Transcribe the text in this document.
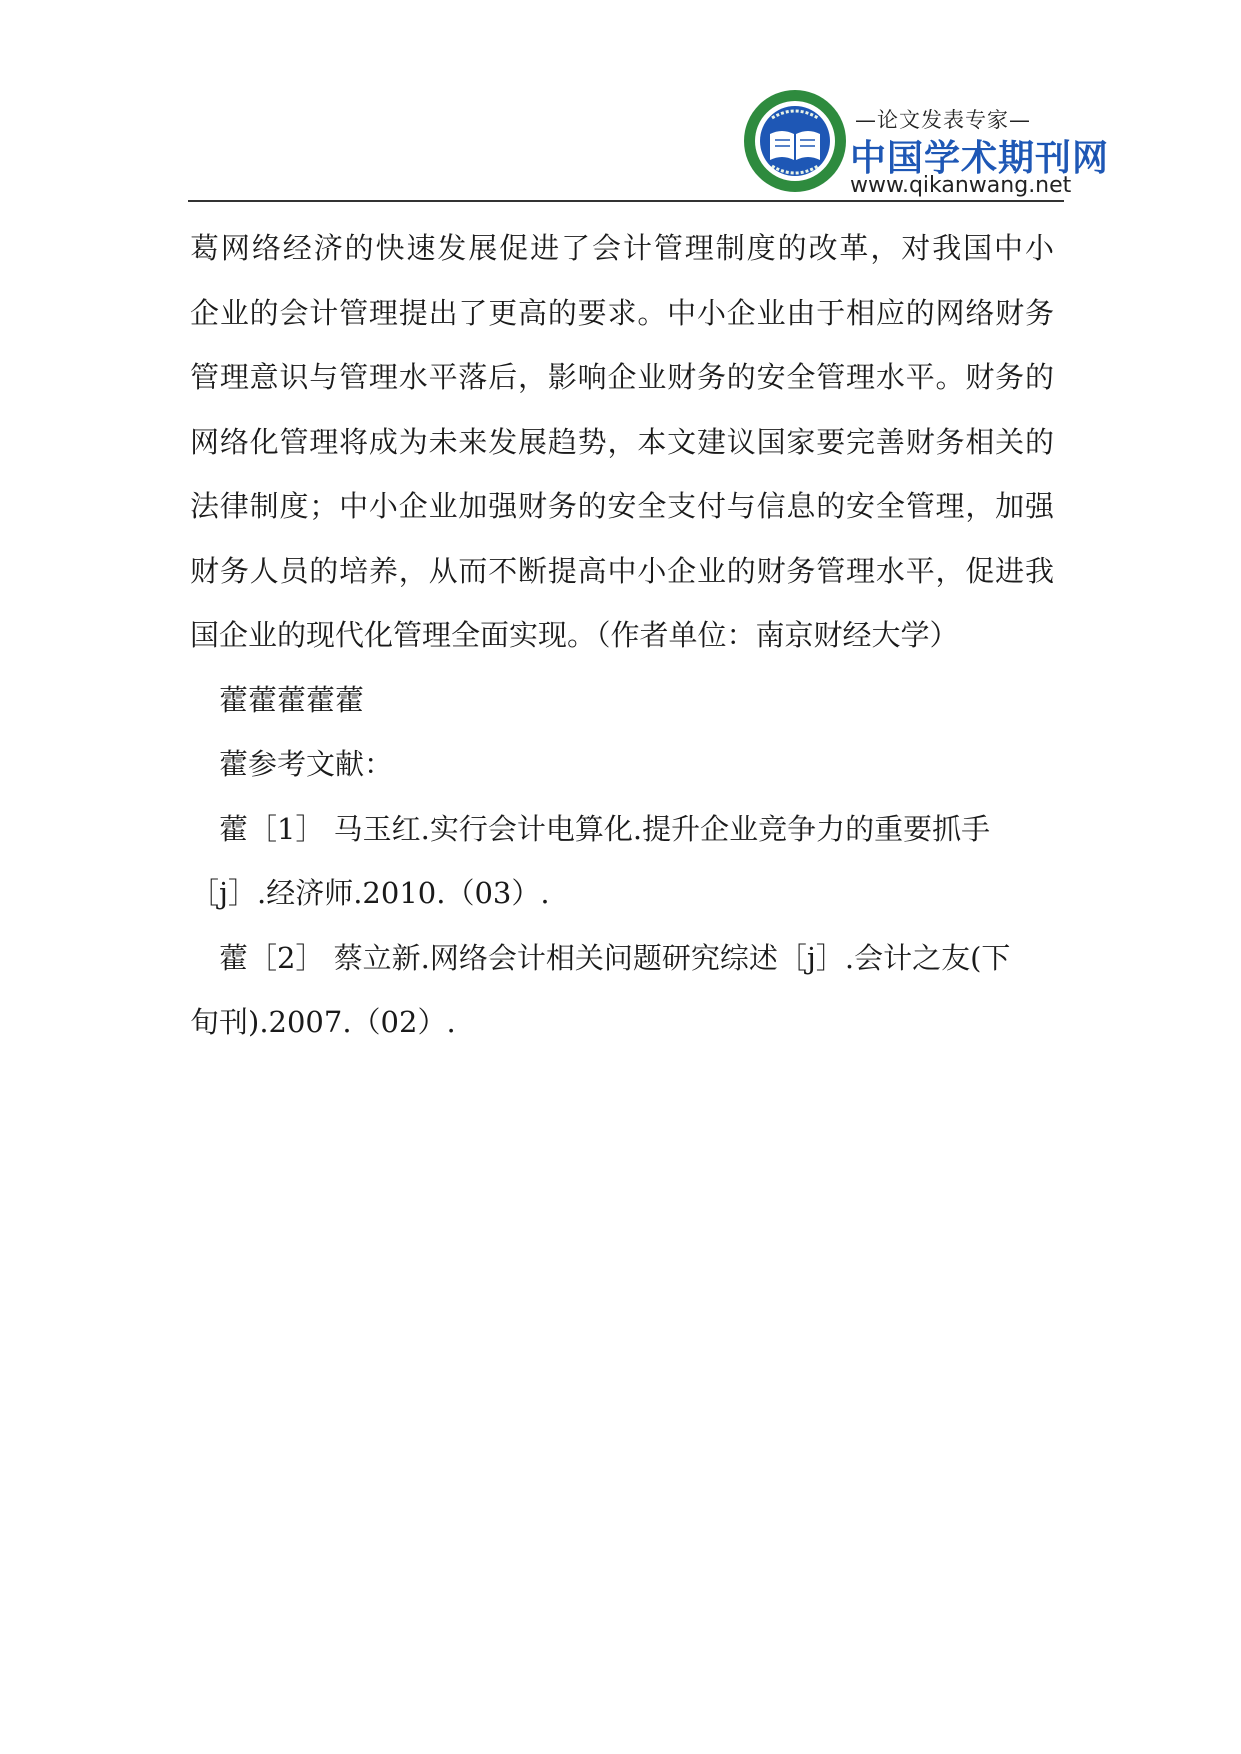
—论文发表专家—
中国学术期刊网
www.qikanwang.net
葛网络经济的快速发展促进了会计管理制度的改革，对我国中小
企业的会计管理提出了更高的要求。中小企业由于相应的网络财务
管理意识与管理水平落后，影响企业财务的安全管理水平。财务的
网络化管理将成为未来发展趋势，本文建议国家要完善财务相关的
法律制度；中小企业加强财务的安全支付与信息的安全管理，加强
财务人员的培养，从而不断提高中小企业的财务管理水平，促进我
国企业的现代化管理全面实现。（作者单位：南京财经大学）
藿藿藿藿藿
藿参考文献：
藿［1］ 马玉红.实行会计电算化.提升企业竞争力的重要抓手
［j］.经济师.2010.（03）.
藿［2］ 蔡立新.网络会计相关问题研究综述［j］.会计之友(下
旬刊).2007.（02）.
